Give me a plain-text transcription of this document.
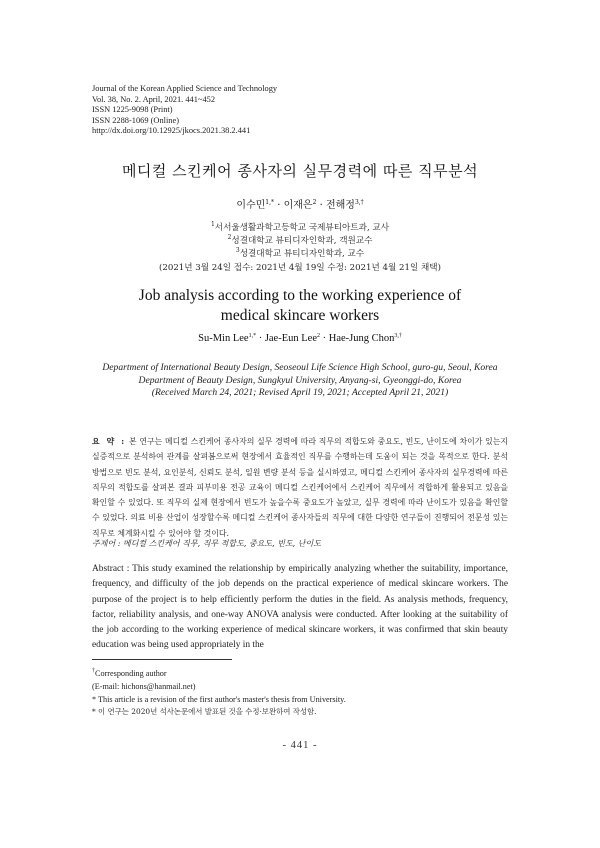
Journal of the Korean Applied Science and Technology
Vol. 38, No. 2. April, 2021. 441~452
ISSN 1225-9098 (Print)
ISSN 2288-1069 (Online)
http://dx.doi.org/10.12925/jkocs.2021.38.2.441
메디컬 스킨케어 종사자의 실무경력에 따른 직무분석
이수민$^{1,*}$ · 이재은$^2$ · 전해정$^{3,\dagger}$
$^1$서서울생활과학고등학교 국제뷰티아트과, 교사
$^2$성결대학교 뷰티디자인학과, 객원교수
$^3$성결대학교 뷰티디자인학과, 교수
(2021년 3월 24일 접수: 2021년 4월 19일 수정: 2021년 4월 21일 채택)
Job analysis according to the working experience of
medical skincare workers
Su-Min Lee$^{1,*}$ · Jae-Eun Lee$^2$ · Hae-Jung Chon$^{3,\dagger}$
Department of International Beauty Design, Seoseoul Life Science High School, guro-gu, Seoul, Korea
Department of Beauty Design, Sungkyul University, Anyang-si, Gyeonggi-do, Korea
(Received March 24, 2021; Revised April 19, 2021; Accepted April 21, 2021)
요 약 : 본 연구는 메디컬 스킨케어 종사자의 실무 경력에 따라 직무의 적합도와 중요도, 빈도, 난이도에 차이가 있는지 실증적으로 분석하여 관계를 살펴봄으로써 현장에서 효율적인 직무를 수행하는데 도움이 되는 것을 목적으로 한다. 분석방법으로 빈도 분석, 요인분석, 신뢰도 분석, 일원 변량 분석 등을 실시하였고, 메디컬 스킨케어 종사자의 실무경력에 따른 직무의 적합도를 살펴본 결과 피부미용 전공 교육이 메디컬 스킨케어에서 스킨케어 직무에서 적합하게 활용되고 있음을 확인할 수 있었다. 또 직무의 실제 현장에서 빈도가 높을수록 중요도가 높았고, 실무 경력에 따라 난이도가 있음을 확인할 수 있었다. 의료 비용 산업이 성장할수록 메디컬 스킨케어 종사자들의 직무에 대한 다양한 연구들이 진행되어 전문성 있는 직무로 체계화시킬 수 있어야 할 것이다.
주제어 : 메디컬 스킨케어 직무, 직무 적합도, 중요도, 빈도, 난이도
Abstract : This study examined the relationship by empirically analyzing whether the suitability, importance, frequency, and difficulty of the job depends on the practical experience of medical skincare workers. The purpose of the project is to help efficiently perform the duties in the field. As analysis methods, frequency, factor, reliability analysis, and one-way ANOVA analysis were conducted. After looking at the suitability of the job according to the working experience of medical skincare workers, it was confirmed that skin beauty education was being used appropriately in the
†Corresponding author
(E-mail: hichons@hanmail.net)
* This article is a revision of the first author's master's thesis from University.
* 이 연구는 2020년 석사논문에서 발표된 것을 수정·보완하여 작성함.
- 441 -
